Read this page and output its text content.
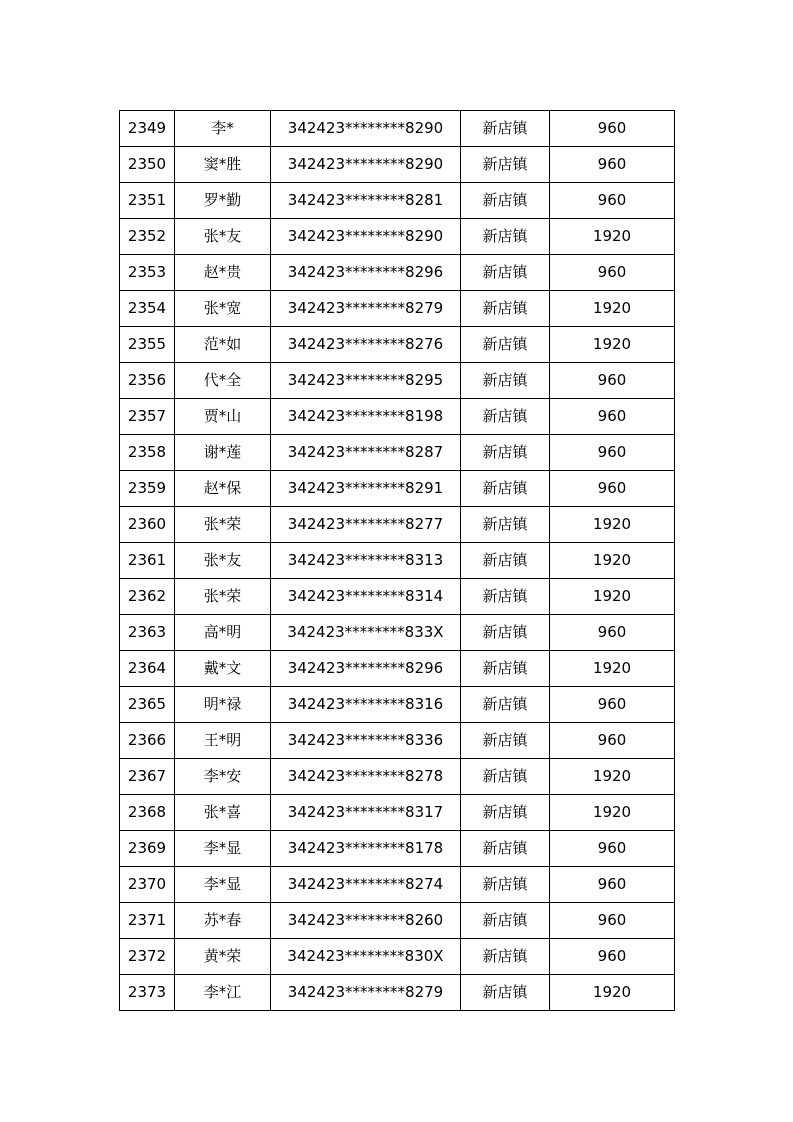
2349	李*	342423********8290	新店镇	960
2350	窦*胜	342423********8290	新店镇	960
2351	罗*勤	342423********8281	新店镇	960
2352	张*友	342423********8290	新店镇	1920
2353	赵*贵	342423********8296	新店镇	960
2354	张*宽	342423********8279	新店镇	1920
2355	范*如	342423********8276	新店镇	1920
2356	代*全	342423********8295	新店镇	960
2357	贾*山	342423********8198	新店镇	960
2358	谢*莲	342423********8287	新店镇	960
2359	赵*保	342423********8291	新店镇	960
2360	张*荣	342423********8277	新店镇	1920
2361	张*友	342423********8313	新店镇	1920
2362	张*荣	342423********8314	新店镇	1920
2363	高*明	342423********833X	新店镇	960
2364	戴*文	342423********8296	新店镇	1920
2365	明*禄	342423********8316	新店镇	960
2366	王*明	342423********8336	新店镇	960
2367	李*安	342423********8278	新店镇	1920
2368	张*喜	342423********8317	新店镇	1920
2369	李*显	342423********8178	新店镇	960
2370	李*显	342423********8274	新店镇	960
2371	苏*春	342423********8260	新店镇	960
2372	黄*荣	342423********830X	新店镇	960
2373	李*江	342423********8279	新店镇	1920
